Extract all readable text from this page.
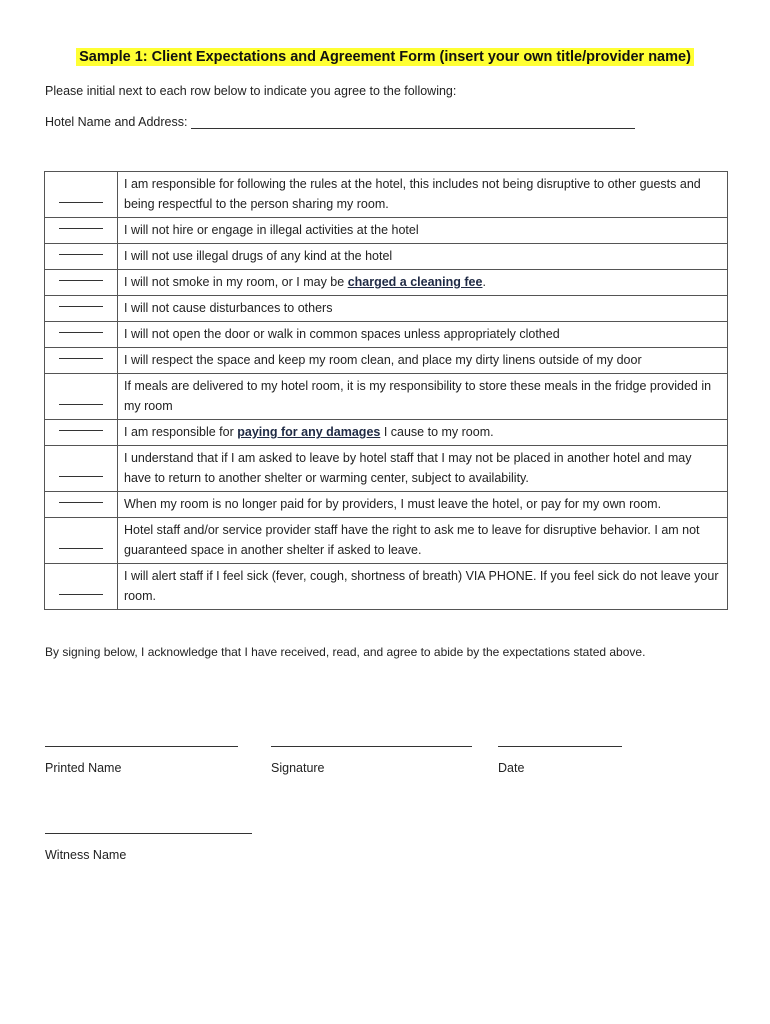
Sample 1: Client Expectations and Agreement Form (insert your own title/provider name)
Please initial next to each row below to indicate you agree to the following:
Hotel Name and Address:
	I am responsible for following the rules at the hotel, this includes not being disruptive to other guests and being respectful to the person sharing my room.
	I will not hire or engage in illegal activities at the hotel
	I will not use illegal drugs of any kind at the hotel
	I will not smoke in my room, or I may be charged a cleaning fee.
	I will not cause disturbances to others
	I will not open the door or walk in common spaces unless appropriately clothed
	I will respect the space and keep my room clean, and place my dirty linens outside of my door
	If meals are delivered to my hotel room, it is my responsibility to store these meals in the fridge provided in my room
	I am responsible for paying for any damages I cause to my room.
	I understand that if I am asked to leave by hotel staff that I may not be placed in another hotel and may have to return to another shelter or warming center, subject to availability.
	When my room is no longer paid for by providers, I must leave the hotel, or pay for my own room.
	Hotel staff and/or service provider staff have the right to ask me to leave for disruptive behavior. I am not guaranteed space in another shelter if asked to leave.
	I will alert staff if I feel sick (fever, cough, shortness of breath) VIA PHONE. If you feel sick do not leave your room.
By signing below, I acknowledge that I have received, read, and agree to abide by the expectations stated above.
Printed Name	Signature	Date
Witness Name
